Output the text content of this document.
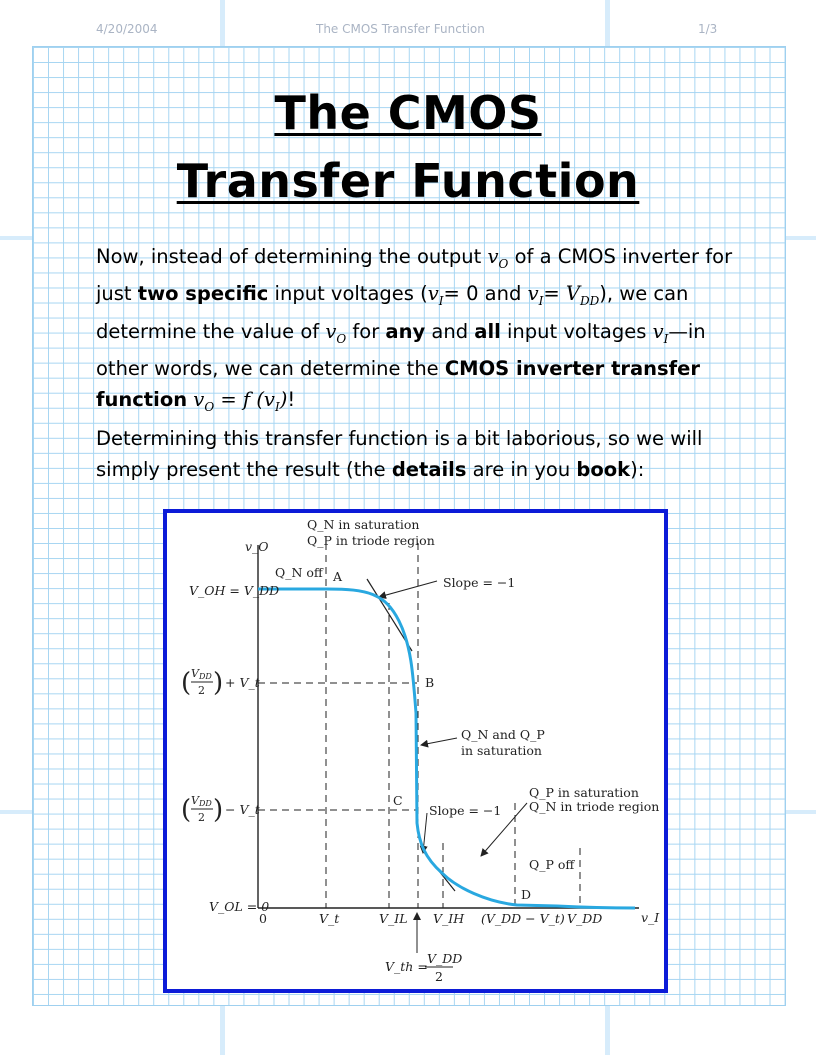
4/20/2004	The CMOS Transfer Function	1/3
The CMOS
Transfer Function
Now, instead of determining the output $v_O$ of a CMOS inverter for just two specific input voltages ($v_I= 0$ and $v_I= V_{DD}$), we can determine the value of $v_O$ for any and all input voltages $v_I—in$ other words, we can determine the CMOS inverter transfer function $v_O = f$ $(v_I)$!
Determining this transfer function is a bit laborious, so we will simply present the result (the details are in you book):
Q_N in saturation
Q_P in triode region
v_O
Q_N off A	Slope = −1
V_OH = V_DD
B
+ V_t
Q_N and Q_P
in saturation
C
− V_t	Slope = −1
Q_P in saturation
Q_N in triode region
Q_P off
D
V_OL = 0
v_I
0	V_t	V_IL V_IH (V_DD − V_t) V_DD
V_th =
V_DD
2
( VDD
2 )
( VDD
2 )
